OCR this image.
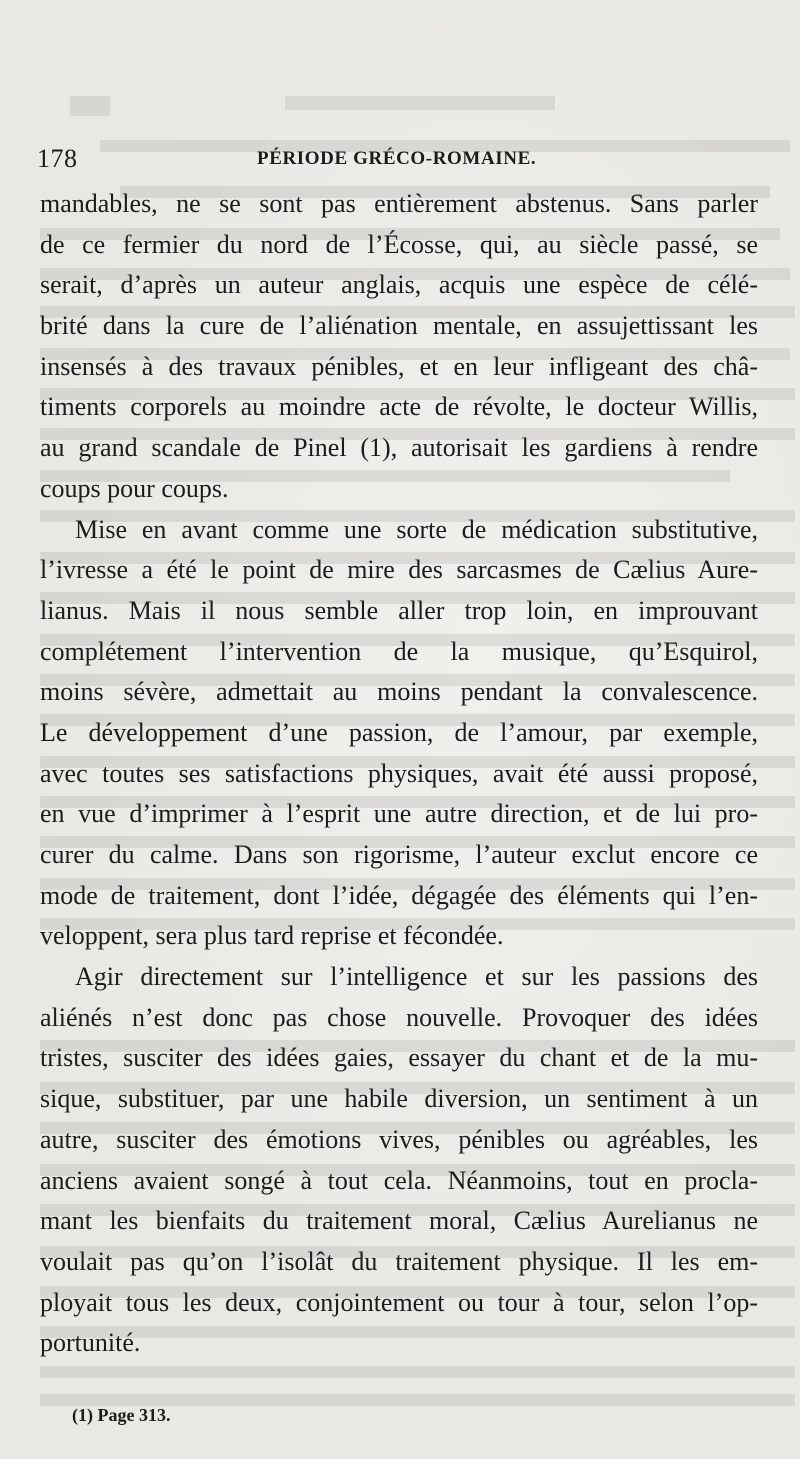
178	PÉRIODE GRÉCO-ROMAINE.
mandables, ne se sont pas entièrement abstenus. Sans parler
de ce fermier du nord de l’Écosse, qui, au siècle passé, se
serait, d’après un auteur anglais, acquis une espèce de célé-
brité dans la cure de l’aliénation mentale, en assujettissant les
insensés à des travaux pénibles, et en leur infligeant des châ-
timents corporels au moindre acte de révolte, le docteur Willis,
au grand scandale de Pinel (1), autorisait les gardiens à rendre
coups pour coups.
Mise en avant comme une sorte de médication substitutive,
l’ivresse a été le point de mire des sarcasmes de Cælius Aure-
lianus. Mais il nous semble aller trop loin, en improuvant
complétement l’intervention de la musique, qu’Esquirol,
moins sévère, admettait au moins pendant la convalescence.
Le développement d’une passion, de l’amour, par exemple,
avec toutes ses satisfactions physiques, avait été aussi proposé,
en vue d’imprimer à l’esprit une autre direction, et de lui pro-
curer du calme. Dans son rigorisme, l’auteur exclut encore ce
mode de traitement, dont l’idée, dégagée des éléments qui l’en-
veloppent, sera plus tard reprise et fécondée.
Agir directement sur l’intelligence et sur les passions des
aliénés n’est donc pas chose nouvelle. Provoquer des idées
tristes, susciter des idées gaies, essayer du chant et de la mu-
sique, substituer, par une habile diversion, un sentiment à un
autre, susciter des émotions vives, pénibles ou agréables, les
anciens avaient songé à tout cela. Néanmoins, tout en procla-
mant les bienfaits du traitement moral, Cælius Aurelianus ne
voulait pas qu’on l’isolât du traitement physique. Il les em-
ployait tous les deux, conjointement ou tour à tour, selon l’op-
portunité.
(1) Page 313.
